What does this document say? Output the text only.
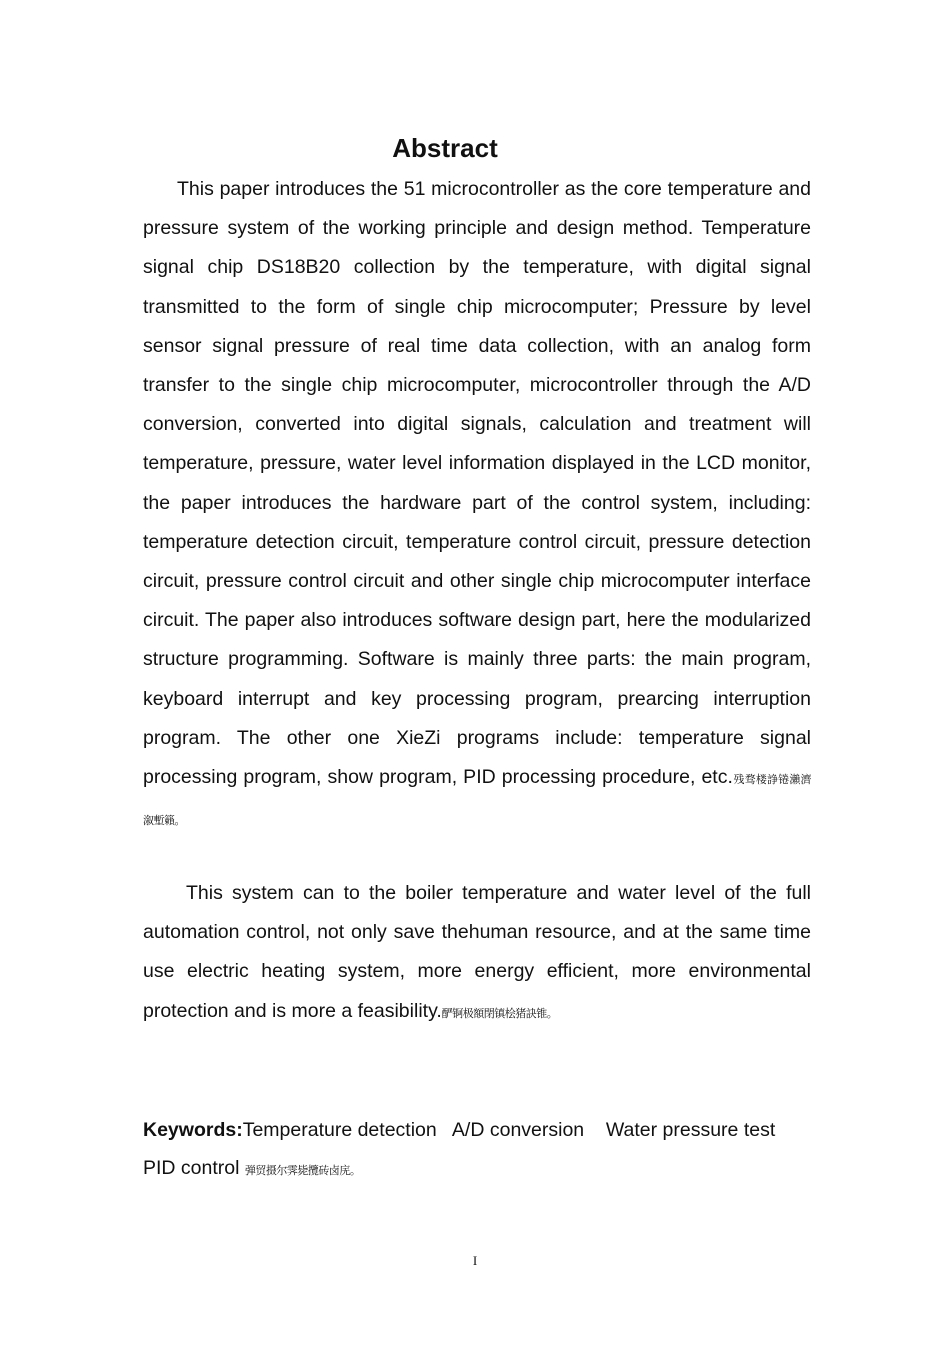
Abstract

This paper introduces the 51 microcontroller as the core temperature and pressure system of the working principle and design method. Temperature signal chip DS18B20 collection by the temperature, with digital signal transmitted to the form of single chip microcomputer; Pressure by level sensor signal pressure of real time data collection, with an analog form transfer to the single chip microcomputer, microcontroller through the A/D conversion, converted into digital signals, calculation and treatment will temperature, pressure, water level information displayed in the LCD monitor, the paper introduces the hardware part of the control system, including: temperature detection circuit, temperature control circuit, pressure detection circuit, pressure control circuit and other single chip microcomputer interface circuit. The paper also introduces software design part, here the modularized structure programming. Software is mainly three parts: the main program, keyboard interrupt and key processing program, prearcing interruption program. The other one XieZi programs include: temperature signal processing program, show program, PID processing procedure, etc.残骛楼諍锩瀨濟溆塹籟。

This system can to the boiler temperature and water level of the full automation control, not only save thehuman resource, and at the same time use electric heating system, more energy efficient, more environmental protection and is more a feasibility.酽锕极額閉镇桧猪訣锥。

Keywords:Temperature detection A/D conversion Water pressure test
PID control 弾贸摄尔霁毙攬砖卤庑。
I
